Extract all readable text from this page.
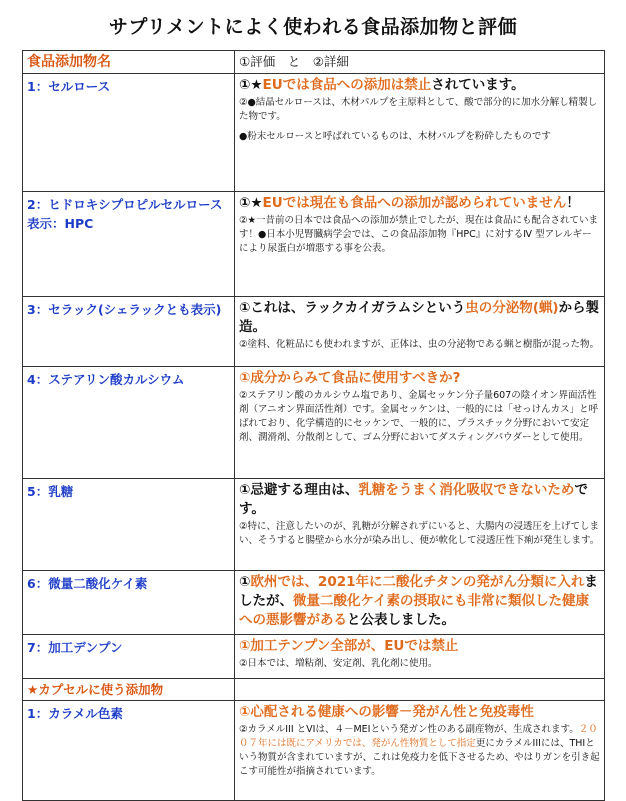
サプリメントによく使われる食品添加物と評価
食品添加物名	①評価　と　②詳細
1：セルロース	①★EUでは食品への添加は禁止されています。
②●結晶セルロースは、木材パルプを主原料として、酸で部分的に加水分解し精製した物です。
●粉末セルロースと呼ばれているものは、木材パルプを粉砕したものです

2：ヒドロキシプロピルセルロース 表示：HPC	①★EUでは現在も食品への添加が認められていません！
②★一昔前の日本では食品への添加が禁止でしたが、現在は食品にも配合されています！●日本小児腎臓病学会では、この食品添加物『HPC』に対するⅣ 型アレルギーにより尿蛋白が増悪する事を公表。

3：セラック(シェラックとも表示)	①これは、ラックカイガラムシという虫の分泌物(蝋)から製造。
②塗料、化粧品にも使われますが、正体は、虫の分泌物である蝋と樹脂が混った物。

4：ステアリン酸カルシウム	①成分からみて食品に使用すべきか?
②ステアリン酸のカルシウム塩であり、金属セッケン分子量607の陰イオン界面活性剤（アニオン界面活性剤）です。金属セッケンは、一般的には「せっけんカス」と呼ばれており、化学構造的にセッケンで、一般的に、プラスチック分野において安定剤、潤滑剤、分散剤として、ゴム分野においてダスティングパウダーとして使用。

5：乳糖	①忌避する理由は、乳糖をうまく消化吸収できないためです。
②特に、注意したいのが、乳糖が分解されずにいると、大腸内の浸透圧を上げてしまい、そうすると腸壁から水分が染み出し、便が軟化して浸透圧性下痢が発生します。

6：微量二酸化ケイ素	①欧州では、2021年に二酸化チタンの発がん分類に入れましたが、微量二酸化ケイ素の摂取にも非常に類似した健康への悪影響があると公表しました。

7：加工デンプン	①加工テンプン全部が、EUでは禁止
②日本では、増粘剤、安定剤、乳化剤に使用。

★カプセルに使う添加物	
1：カラメル色素	①心配される健康への影響－発がん性と免疫毒性
②カラメルIII とVIは、４－MEIという発ガン性のある副産物が、生成されます。２００７年には既にアメリカでは、発がん性物質として指定更にカラメルIIIには、THIという物質が含まれていますが、これは免疫力を低下させるため、やはりガンを引き起こす可能性が指摘されています。
